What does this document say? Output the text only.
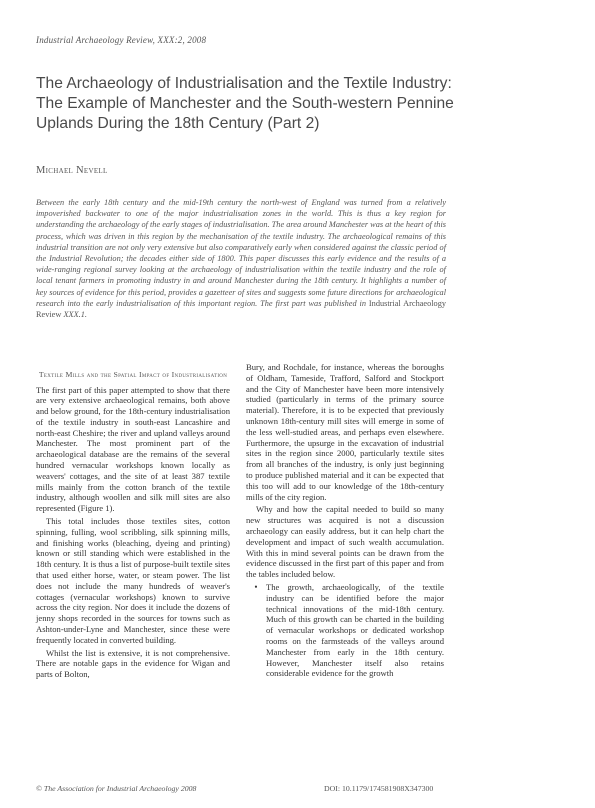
Industrial Archaeology Review, XXX:2, 2008
The Archaeology of Industrialisation and the Textile Industry: The Example of Manchester and the South-western Pennine Uplands During the 18th Century (Part 2)
Michael Nevell
Between the early 18th century and the mid-19th century the north-west of England was turned from a relatively impoverished backwater to one of the major industrialisation zones in the world. This is thus a key region for understanding the archaeology of the early stages of industrialisation. The area around Manchester was at the heart of this process, which was driven in this region by the mechanisation of the textile industry. The archaeological remains of this industrial transition are not only very extensive but also comparatively early when considered against the classic period of the Industrial Revolution; the decades either side of 1800. This paper discusses this early evidence and the results of a wide-ranging regional survey looking at the archaeology of industrialisation within the textile industry and the role of local tenant farmers in promoting industry in and around Manchester during the 18th century. It highlights a number of key sources of evidence for this period, provides a gazetteer of sites and suggests some future directions for archaeological research into the early industrialisation of this important region. The first part was published in Industrial Archaeology Review XXX.1.
Textile Mills and the Spatial Impact of Industrialisation

The first part of this paper attempted to show that there are very extensive archaeological remains, both above and below ground, for the 18th-century industrialisation of the textile industry in south-east Lancashire and north-east Cheshire; the river and upland valleys around Manchester. The most prominent part of the archaeological database are the remains of the several hundred vernacular workshops known locally as weavers' cottages, and the site of at least 387 textile mills mainly from the cotton branch of the textile industry, although woollen and silk mill sites are also represented (Figure 1).

This total includes those textiles sites, cotton spinning, fulling, wool scribbling, silk spinning mills, and finishing works (bleaching, dyeing and printing) known or still standing which were established in the 18th century. It is thus a list of purpose-built textile sites that used either horse, water, or steam power. The list does not include the many hundreds of weaver's cottages (vernacular workshops) known to survive across the city region. Nor does it include the dozens of jenny shops recorded in the sources for towns such as Ashton-under-Lyne and Manchester, since these were frequently located in converted building.

Whilst the list is extensive, it is not comprehensive. There are notable gaps in the evidence for Wigan and parts of Bolton,

Bury, and Rochdale, for instance, whereas the boroughs of Oldham, Tameside, Trafford, Salford and Stockport and the City of Manchester have been more intensively studied (particularly in terms of the primary source material). Therefore, it is to be expected that previously unknown 18th-century mill sites will emerge in some of the less well-studied areas, and perhaps even elsewhere. Furthermore, the upsurge in the excavation of industrial sites in the region since 2000, particularly textile sites from all branches of the industry, is only just beginning to produce published material and it can be expected that this too will add to our knowledge of the 18th-century mills of the city region.

Why and how the capital needed to build so many new structures was acquired is not a discussion archaeology can easily address, but it can help chart the development and impact of such wealth accumulation. With this in mind several points can be drawn from the evidence discussed in the first part of this paper and from the tables included below.

• The growth, archaeologically, of the textile industry can be identified before the major technical innovations of the mid-18th century. Much of this growth can be charted in the building of vernacular workshops or dedicated workshop rooms on the farmsteads of the valleys around Manchester from early in the 18th century. However, Manchester itself also retains considerable evidence for the growth

© The Association for Industrial Archaeology 2008	DOI: 10.1179/174581908X347300
